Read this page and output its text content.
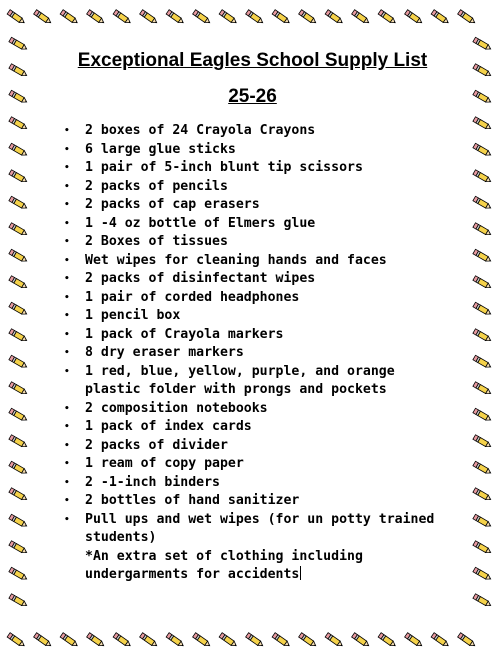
Exceptional Eagles School Supply List
25-26
• 2 boxes of 24 Crayola Crayons
• 6 large glue sticks
• 1 pair of 5-inch blunt tip scissors
• 2 packs of pencils
• 2 packs of cap erasers
• 1 -4 oz bottle of Elmers glue
• 2 Boxes of tissues
• Wet wipes for cleaning hands and faces
• 2 packs of disinfectant wipes
• 1 pair of corded headphones
• 1 pencil box
• 1 pack of Crayola markers
• 8 dry eraser markers
• 1 red, blue, yellow, purple, and orange plastic folder with prongs and pockets
• 2 composition notebooks
• 1 pack of index cards
• 2 packs of divider
• 1 ream of copy paper
• 2 -1-inch binders
• 2 bottles of hand sanitizer
• Pull ups and wet wipes (for un potty trained students)
*An extra set of clothing including undergarments for accidents
